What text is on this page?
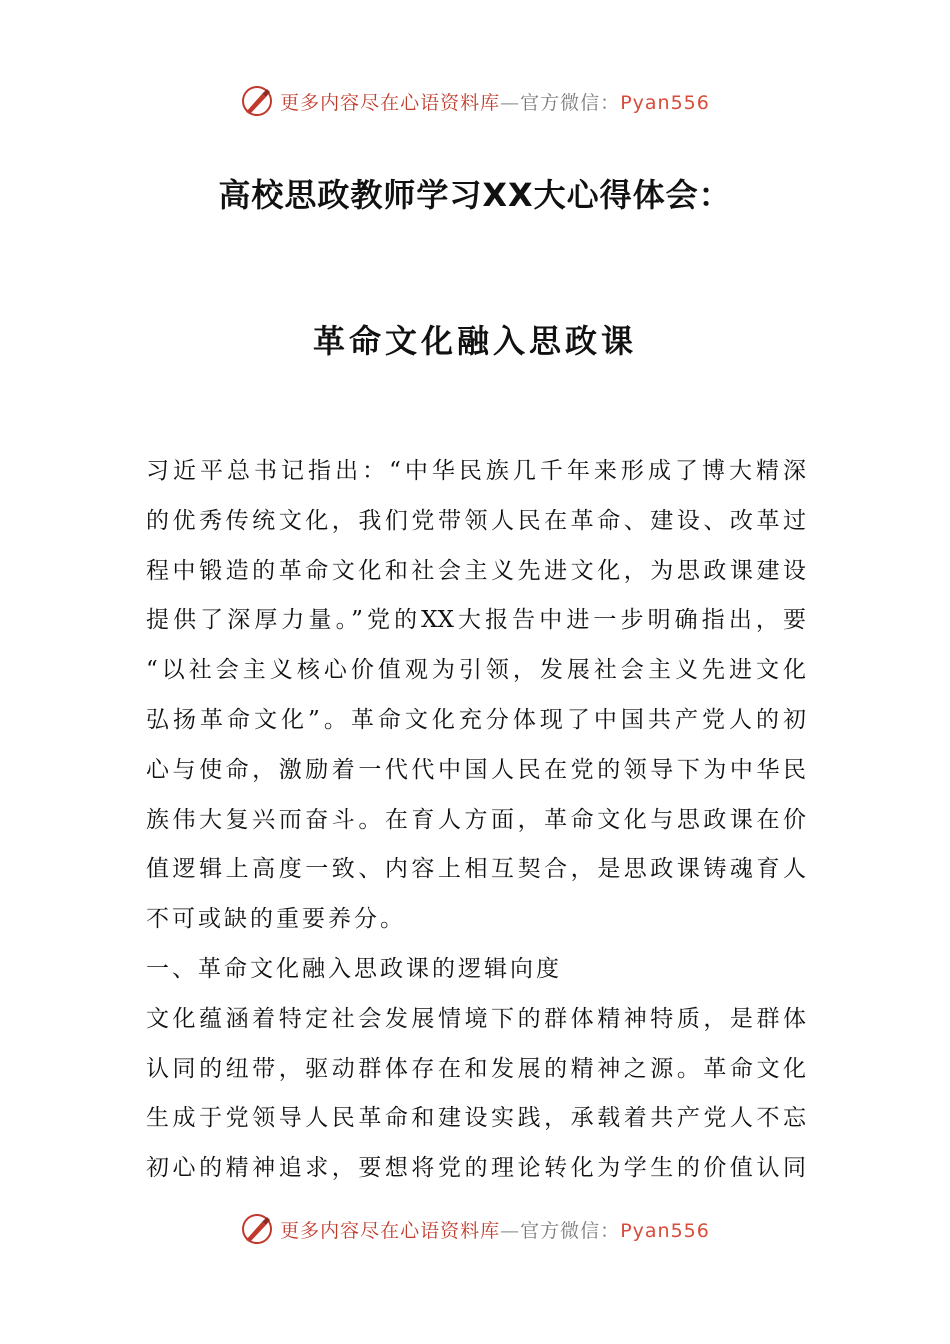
更多内容尽在心语资料库—官方微信：Pyan556
高校思政教师学习XX大心得体会：
革命文化融入思政课
习近平总书记指出：“中华民族几千年来形成了博大精深
的优秀传统文化，我们党带领人民在革命、建设、改革过
程中锻造的革命文化和社会主义先进文化，为思政课建设
提供了深厚力量。”党的XX大报告中进一步明确指出，要
“以社会主义核心价值观为引领，发展社会主义先进文化
弘扬革命文化”。革命文化充分体现了中国共产党人的初
心与使命，激励着一代代中国人民在党的领导下为中华民
族伟大复兴而奋斗。在育人方面，革命文化与思政课在价
值逻辑上高度一致、内容上相互契合，是思政课铸魂育人
不可或缺的重要养分。
一、革命文化融入思政课的逻辑向度
文化蕴涵着特定社会发展情境下的群体精神特质，是群体
认同的纽带，驱动群体存在和发展的精神之源。革命文化
生成于党领导人民革命和建设实践，承载着共产党人不忘
初心的精神追求，要想将党的理论转化为学生的价值认同
更多内容尽在心语资料库—官方微信：Pyan556
